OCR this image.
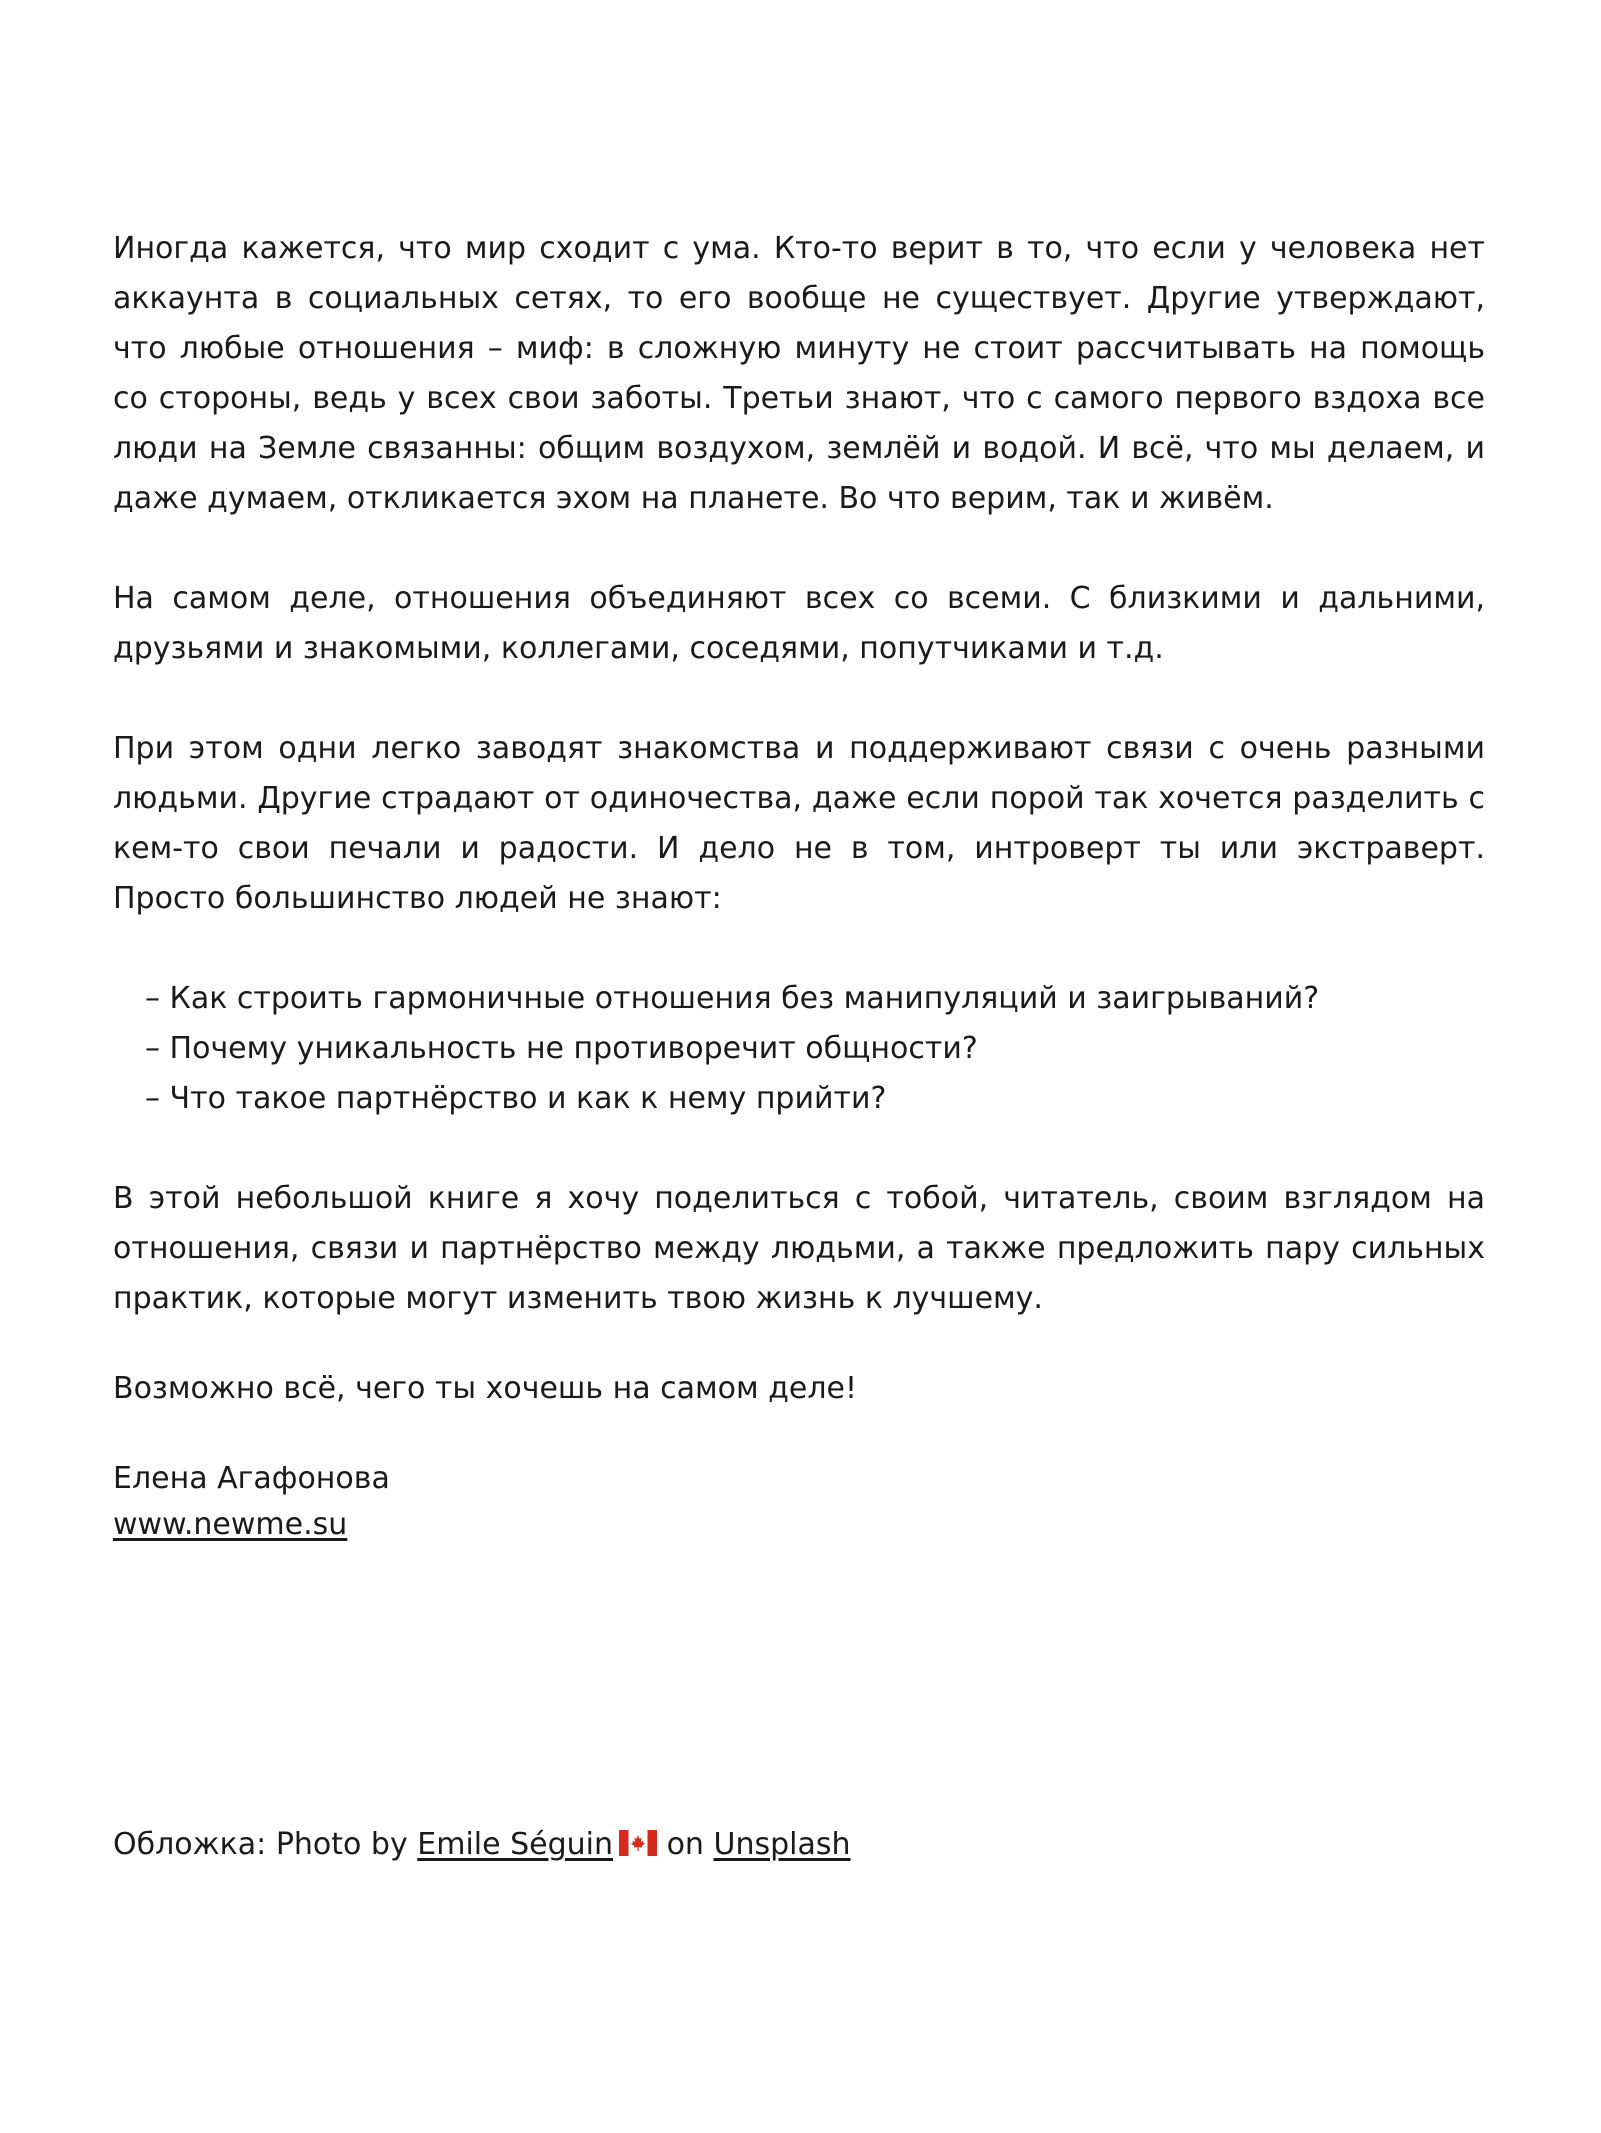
Иногда кажется, что мир сходит с ума. Кто-то верит в то, что если у человека нет аккаунта в социальных сетях, то его вообще не существует. Другие утверждают, что любые отношения – миф: в сложную минуту не стоит рассчитывать на помощь со стороны, ведь у всех свои заботы. Третьи знают, что с самого первого вздоха все люди на Земле связанны: общим воздухом, землёй и водой. И всё, что мы делаем, и даже думаем, откликается эхом на планете. Во что верим, так и живём.

На самом деле, отношения объединяют всех со всеми. С близкими и дальними, друзьями и знакомыми, коллегами, соседями, попутчиками и т.д.

При этом одни легко заводят знакомства и поддерживают связи с очень разными людьми. Другие страдают от одиночества, даже если порой так хочется разделить с кем-то свои печали и радости. И дело не в том, интроверт ты или экстраверт. Просто большинство людей не знают:

– Как строить гармоничные отношения без манипуляций и заигрываний?
– Почему уникальность не противоречит общности?
– Что такое партнёрство и как к нему прийти?

В этой небольшой книге я хочу поделиться с тобой, читатель, своим взглядом на отношения, связи и партнёрство между людьми, а также предложить пару сильных практик, которые могут изменить твою жизнь к лучшему.

Возможно всё, чего ты хочешь на самом деле!

Елена Агафонова

www.newme.su

Обложка: Photo by Emile Séguin on Unsplash
